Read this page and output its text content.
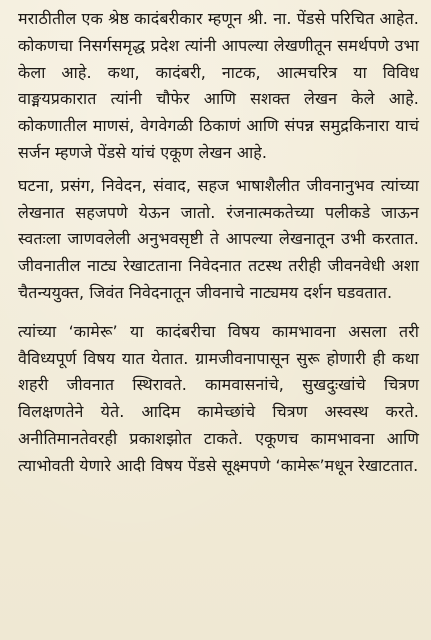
मराठीतील एक श्रेष्ठ कादंबरीकार म्हणून श्री. ना. पेंडसे परिचित आहेत. कोकणचा निसर्गसमृद्ध प्रदेश त्यांनी आपल्या लेखणीतून समर्थपणे उभा केला आहे. कथा, कादंबरी, नाटक, आत्मचरित्र या विविध वाङ्मयप्रकारात त्यांनी चौफेर आणि सशक्त लेखन केले आहे. कोकणातील माणसं, वेगवेगळी ठिकाणं आणि संपन्न समुद्रकिनारा याचं सर्जन म्हणजे पेंडसे यांचं एकूण लेखन आहे.

घटना, प्रसंग, निवेदन, संवाद, सहज भाषाशैलीत जीवनानुभव त्यांच्या लेखनात सहजपणे येऊन जातो. रंजनात्मकतेच्या पलीकडे जाऊन स्वतःला जाणवलेली अनुभवसृष्टी ते आपल्या लेखनातून उभी करतात. जीवनातील नाट्य रेखाटताना निवेदनात तटस्थ तरीही जीवनवेधी अशा चैतन्ययुक्त, जिवंत निवेदनातून जीवनाचे नाट्यमय दर्शन घडवतात.

त्यांच्या ‘कामेरू’ या कादंबरीचा विषय कामभावना असला तरी वैविध्यपूर्ण विषय यात येतात. ग्रामजीवनापासून सुरू होणारी ही कथा शहरी जीवनात स्थिरावते. कामवासनांचे, सुखदुःखांचे चित्रण विलक्षणतेने येते. आदिम कामेच्छांचे चित्रण अस्वस्थ करते. अनीतिमानतेवरही प्रकाशझोत टाकते. एकूणच कामभावना आणि त्याभोवती येणारे आदी विषय पेंडसे सूक्ष्मपणे ‘कामेरू’मधून रेखाटतात.
